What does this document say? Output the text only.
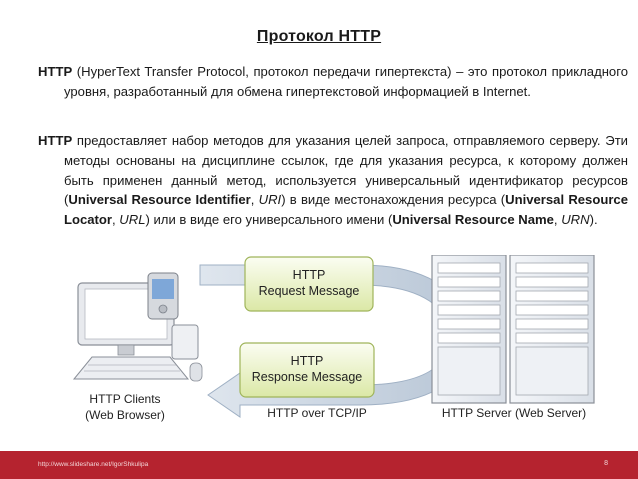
Протокол HTTP
HTTP (HyperText Transfer Protocol, протокол передачи гипертекста) – это протокол прикладного уровня, разработанный для обмена гипертекстовой информацией в Internet.
HTTP предоставляет набор методов для указания целей запроса, отправляемого серверу. Эти методы основаны на дисциплине ссылок, где для указания ресурса, к которому должен быть применен данный метод, используется универсальный идентификатор ресурсов (Universal Resource Identifier, URI) в виде местонахождения ресурса (Universal Resource Locator, URL) или в виде его универсального имени (Universal Resource Name, URN).
HTTP
Request Message
HTTP
Response Message
HTTP Clients
(Web Browser)	HTTP over TCP/IP	HTTP Server (Web Server)
http://www.slideshare.net/IgorShkulipa	8
